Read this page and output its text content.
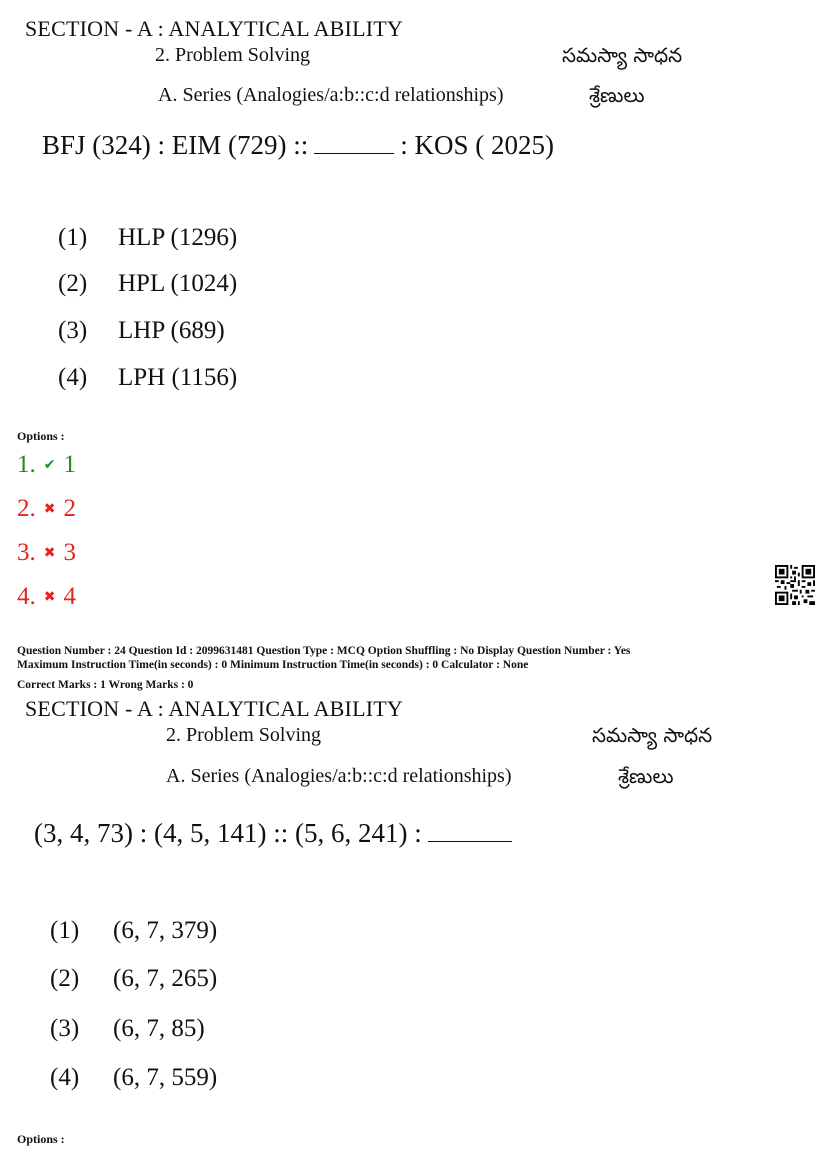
SECTION - A : ANALYTICAL ABILITY
2. Problem Solving	సమస్యా సాధన
A. Series (Analogies/a:b::c:d relationships)	శ్రేణులు
BFJ (324) : EIM (729) ::	: KOS ( 2025)
(1) HLP (1296)
(2) HPL (1024)
(3) LHP (689)
(4) LPH (1156)
Options :
1. ✔ 1
2. ✖ 2
3. ✖ 3
4. ✖ 4
Question Number : 24 Question Id : 2099631481 Question Type : MCQ Option Shuffling : No Display Question Number : Yes
Maximum Instruction Time(in seconds) : 0 Minimum Instruction Time(in seconds) : 0 Calculator : None
Correct Marks : 1 Wrong Marks : 0
SECTION - A : ANALYTICAL ABILITY
2. Problem Solving	సమస్యా సాధన
A. Series (Analogies/a:b::c:d relationships)	శ్రేణులు
(3, 4, 73) : (4, 5, 141) :: (5, 6, 241) :
(1) (6, 7, 379)
(2) (6, 7, 265)
(3) (6, 7, 85)
(4) (6, 7, 559)
Options :
